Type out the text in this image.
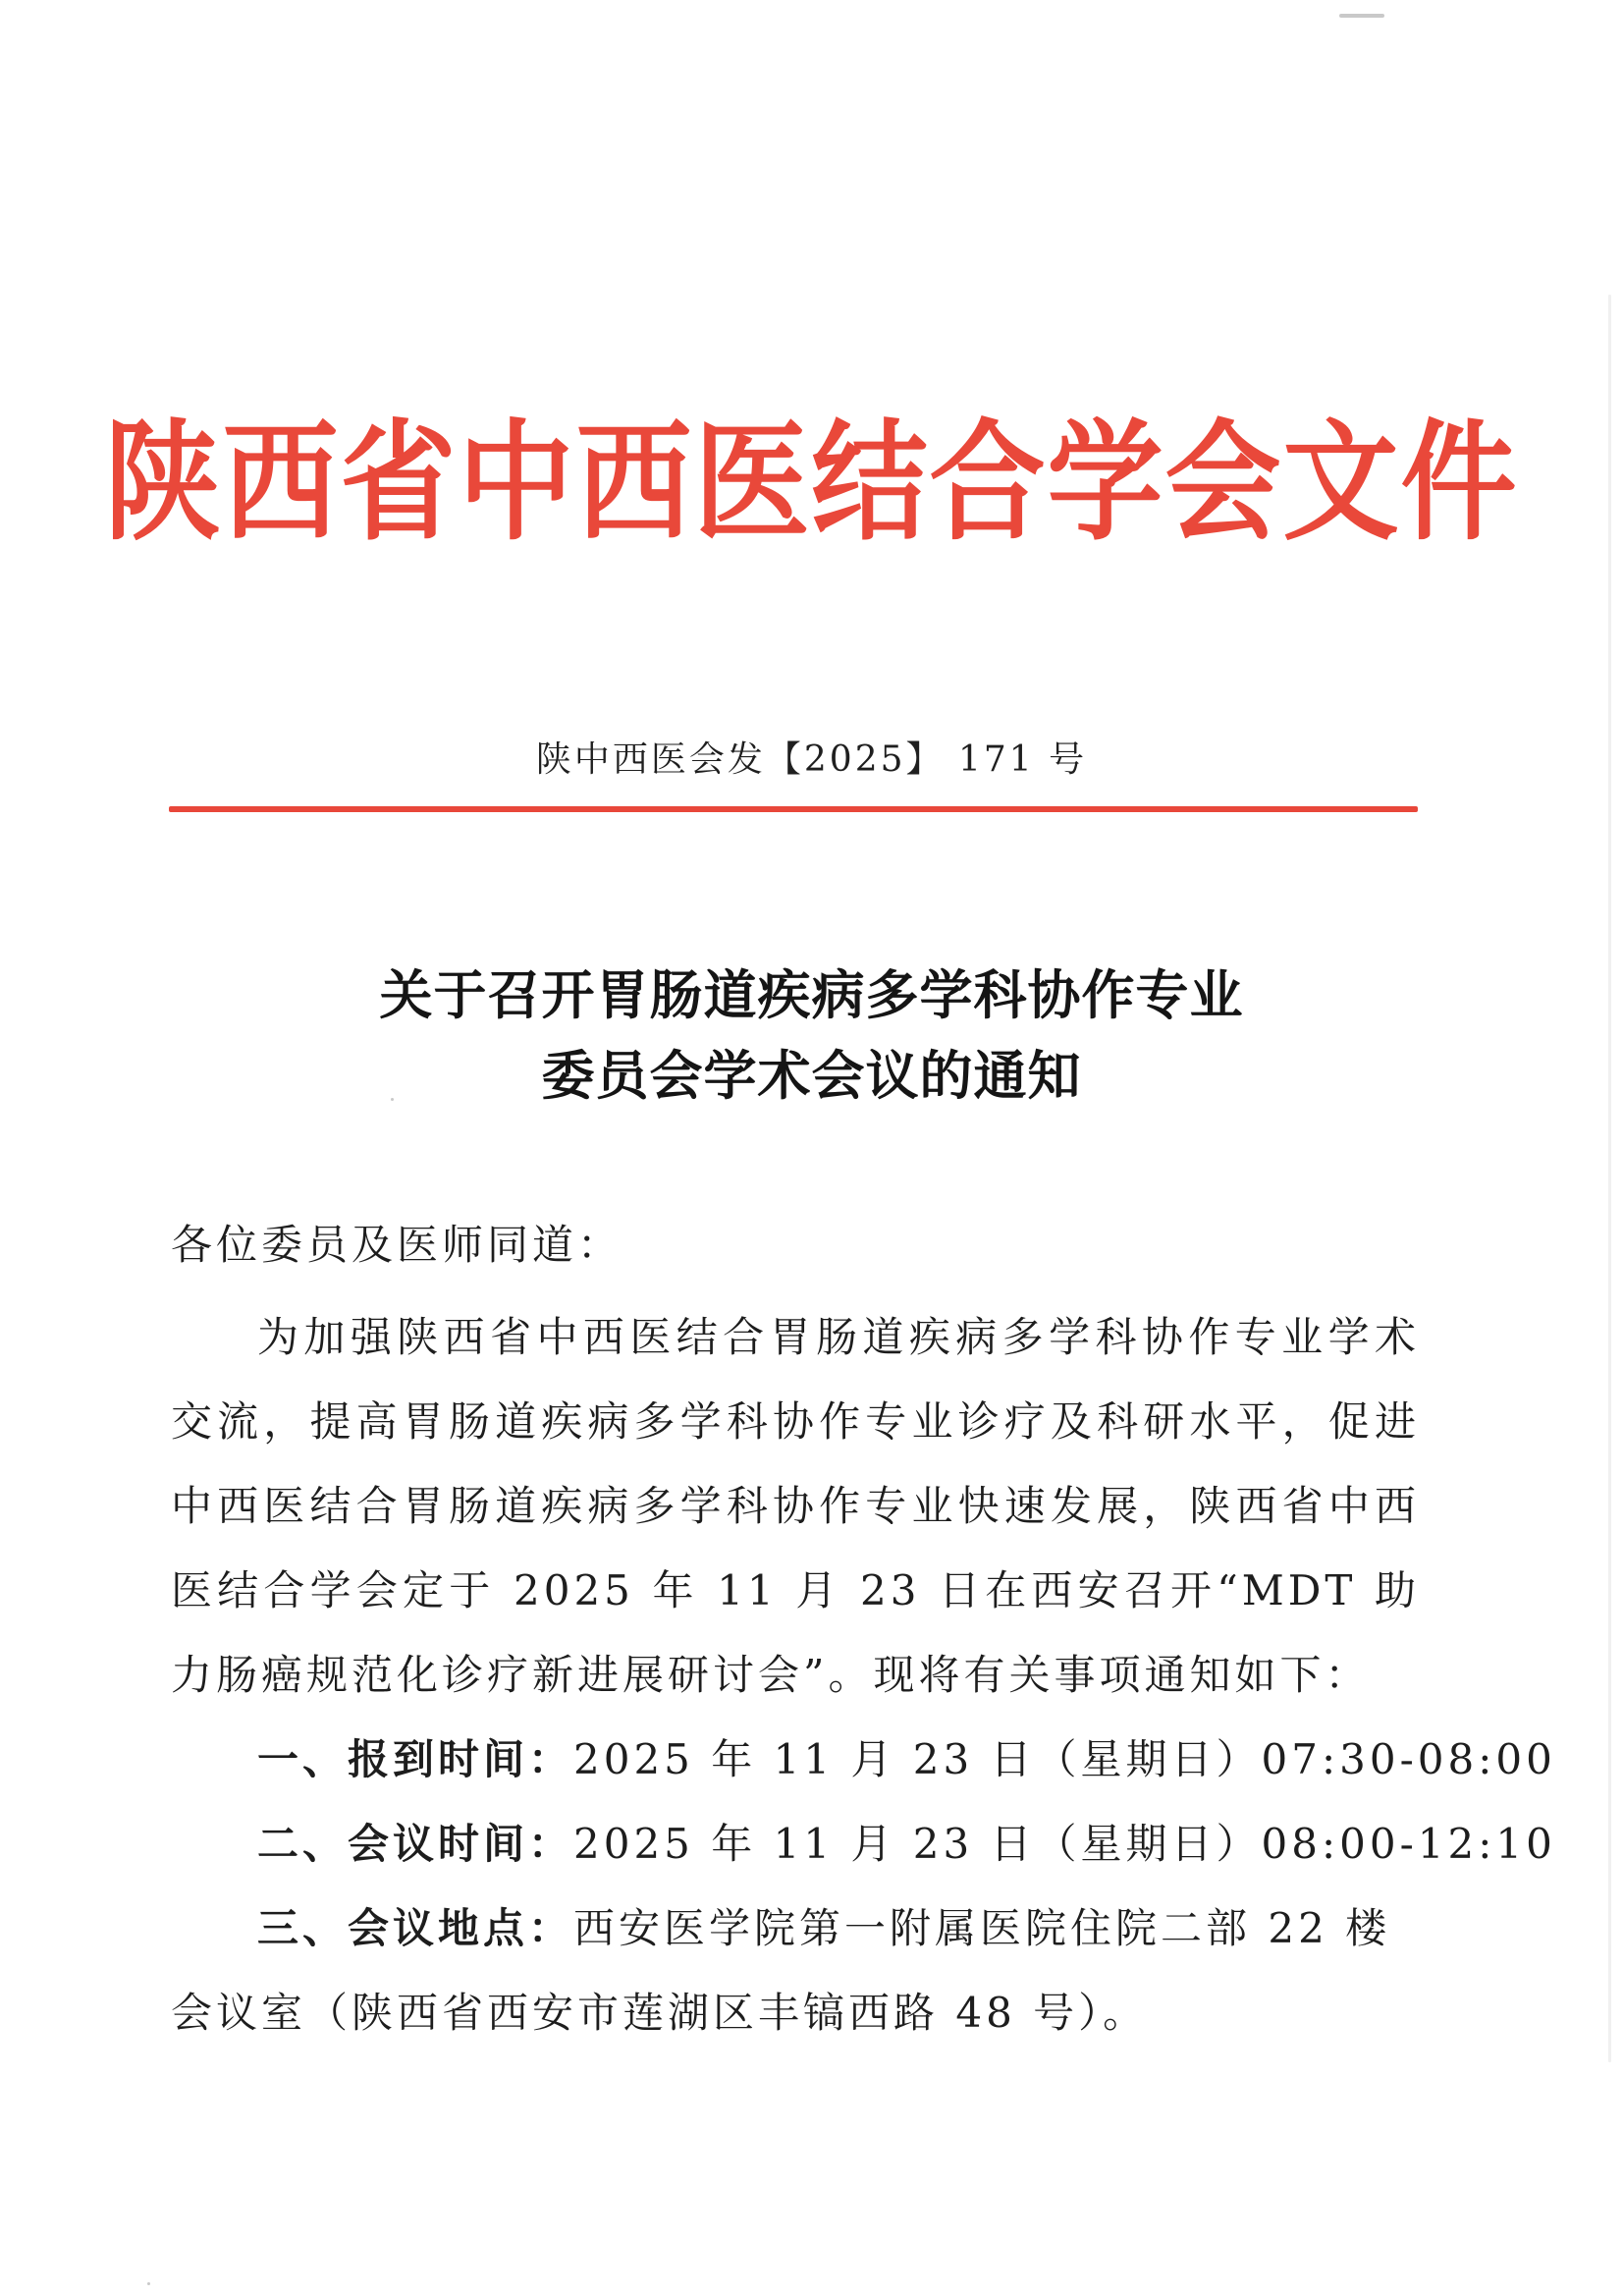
陕西省中西医结合学会文件
陕中西医会发【2025】 171 号
关于召开胃肠道疾病多学科协作专业
委员会学术会议的通知
各位委员及医师同道：
为加强陕西省中西医结合胃肠道疾病多学科协作专业学术交流，提高胃肠道疾病多学科协作专业诊疗及科研水平，促进中西医结合胃肠道疾病多学科协作专业快速发展，陕西省中西医结合学会定于 2025 年 11 月 23 日在西安召开“MDT 助力肠癌规范化诊疗新进展研讨会”。现将有关事项通知如下：
一、报到时间：2025 年 11 月 23 日（星期日）07:30-08:00
二、会议时间：2025 年 11 月 23 日（星期日）08:00-12:10
三、会议地点：西安医学院第一附属医院住院二部 22 楼会议室（陕西省西安市莲湖区丰镐西路 48 号）。
